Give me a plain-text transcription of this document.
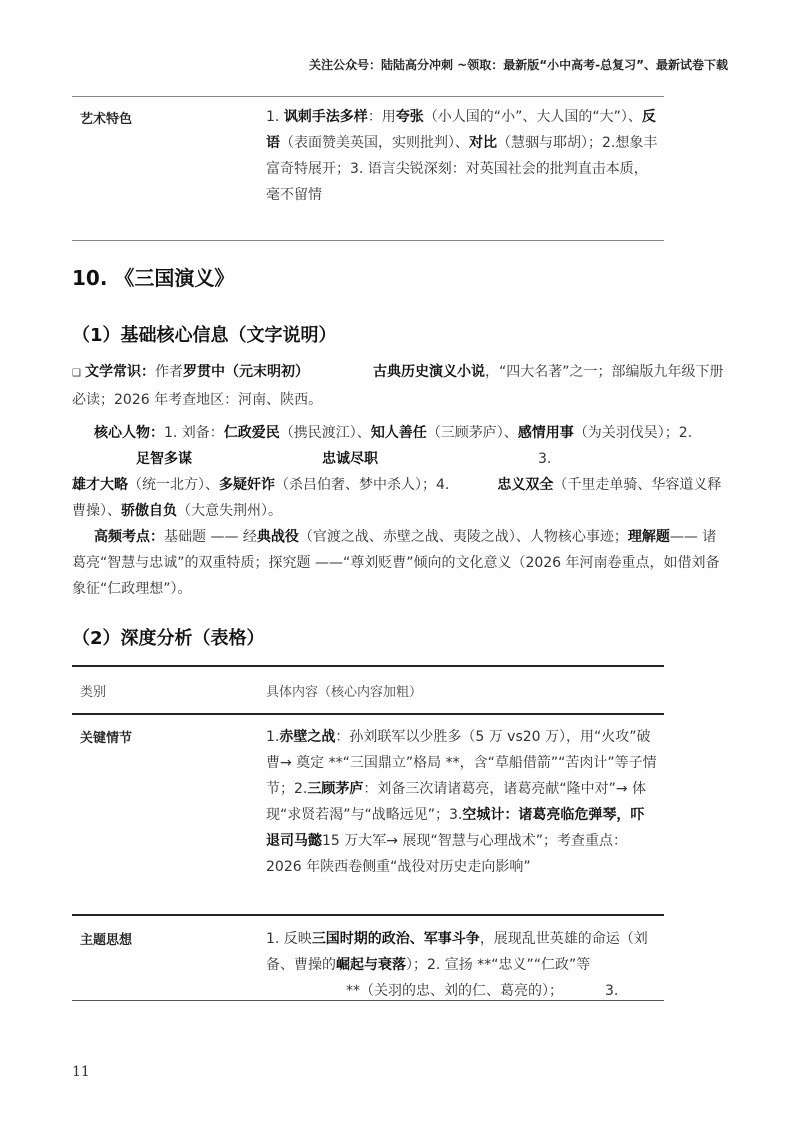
关注公众号：陆陆高分冲刺 ~领取：最新版“小中高考-总复习”、最新试卷下载
艺术特色	1. 讽刺手法多样：用夸张（小人国的“小”、大人国的“大”）、反语（表面赞美英国，实则批判）、对比（慧骃与耶胡）；2.想象丰富奇特展开；3. 语言尖锐深刻：对英国社会的批判直击本质，毫不留情
10. 《三国演义》
（1）基础核心信息（文字说明）
❑ 文学常识：作者罗贯中（元末明初）	古典历史演义小说，“四大名著”之一；部编版九年级下册必读；2026 年考查地区：河南、陕西。
核心人物：1. 刘备：仁政爱民（携民渡江）、知人善任（三顾茅庐）、感情用事（为关羽伐吴）；2.足智多谋	忠诚尽职	3.
雄才大略（统一北方）、多疑奸诈（杀吕伯奢、梦中杀人）；4.	忠义双全（千里走单骑、华容道义释曹操）、骄傲自负（大意失荆州）。
高频考点：基础题 —— 经典战役（官渡之战、赤壁之战、夷陵之战）、人物核心事迹；理解题—— 诸葛亮“智慧与忠诚”的双重特质；探究题 ——“尊刘贬曹”倾向的文化意义（2026 年河南卷重点，如借刘备象征“仁政理想”）。
（2）深度分析（表格）
类别	具体内容（核心内容加粗）
关键情节	1.赤壁之战：孙刘联军以少胜多（5 万 vs20 万），用“火攻”破曹→ 奠定 **“三国鼎立”格局 **，含“草船借箭”“苦肉计”等子情节；2.三顾茅庐：刘备三次请诸葛亮，诸葛亮献“隆中对”→ 体现“求贤若渴”与“战略远见”；3.空城计：诸葛亮临危弹琴，吓退司马懿15 万大军→ 展现“智慧与心理战术”；考查重点：2026 年陕西卷侧重“战役对历史走向影响”
主题思想	1. 反映三国时期的政治、军事斗争，展现乱世英雄的命运（刘备、曹操的崛起与衰落）；2. 宣扬 **“忠义”“仁政”等
**（关羽的忠、刘的仁、葛亮的）；	3.
11
